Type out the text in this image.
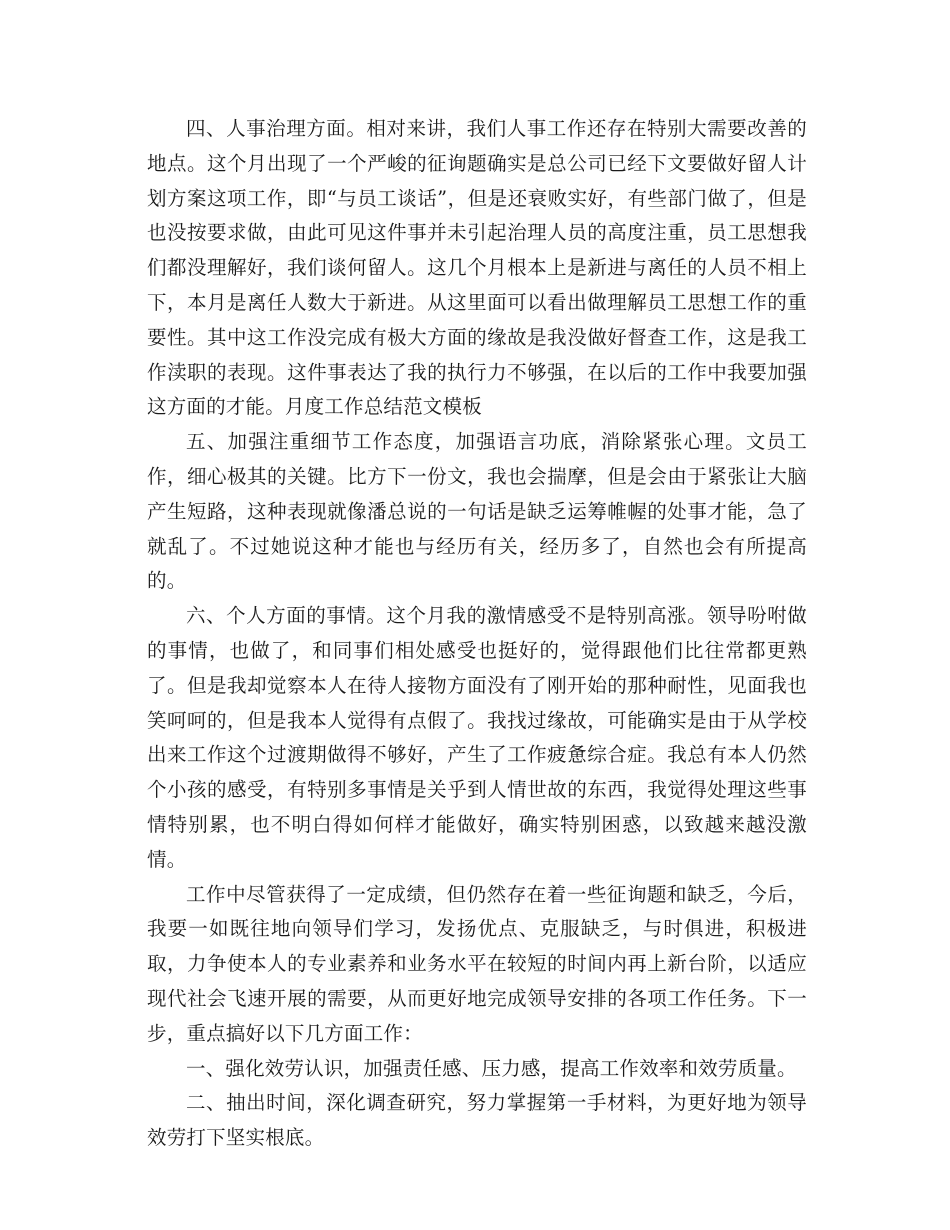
四、人事治理方面。相对来讲，我们人事工作还存在特别大需要改善的地点。这个月出现了一个严峻的征询题确实是总公司已经下文要做好留人计划方案这项工作，即“与员工谈话”，但是还衰败实好，有些部门做了，但是也没按要求做，由此可见这件事并未引起治理人员的高度注重，员工思想我们都没理解好，我们谈何留人。这几个月根本上是新进与离任的人员不相上下，本月是离任人数大于新进。从这里面可以看出做理解员工思想工作的重要性。其中这工作没完成有极大方面的缘故是我没做好督查工作，这是我工作渎职的表现。这件事表达了我的执行力不够强，在以后的工作中我要加强这方面的才能。月度工作总结范文模板

五、加强注重细节工作态度，加强语言功底，消除紧张心理。文员工作，细心极其的关键。比方下一份文，我也会揣摩，但是会由于紧张让大脑产生短路，这种表现就像潘总说的一句话是缺乏运筹帷幄的处事才能，急了就乱了。不过她说这种才能也与经历有关，经历多了，自然也会有所提高的。

六、个人方面的事情。这个月我的激情感受不是特别高涨。领导吩咐做的事情，也做了，和同事们相处感受也挺好的，觉得跟他们比往常都更熟了。但是我却觉察本人在待人接物方面没有了刚开始的那种耐性，见面我也笑呵呵的，但是我本人觉得有点假了。我找过缘故，可能确实是由于从学校出来工作这个过渡期做得不够好，产生了工作疲惫综合症。我总有本人仍然个小孩的感受，有特别多事情是关乎到人情世故的东西，我觉得处理这些事情特别累，也不明白得如何样才能做好，确实特别困惑，以致越来越没激情。

工作中尽管获得了一定成绩，但仍然存在着一些征询题和缺乏，今后，我要一如既往地向领导们学习，发扬优点、克服缺乏，与时俱进，积极进取，力争使本人的专业素养和业务水平在较短的时间内再上新台阶，以适应现代社会飞速开展的需要，从而更好地完成领导安排的各项工作任务。下一步，重点搞好以下几方面工作：

一、强化效劳认识，加强责任感、压力感，提高工作效率和效劳质量。

二、抽出时间，深化调查研究，努力掌握第一手材料，为更好地为领导效劳打下坚实根底。
